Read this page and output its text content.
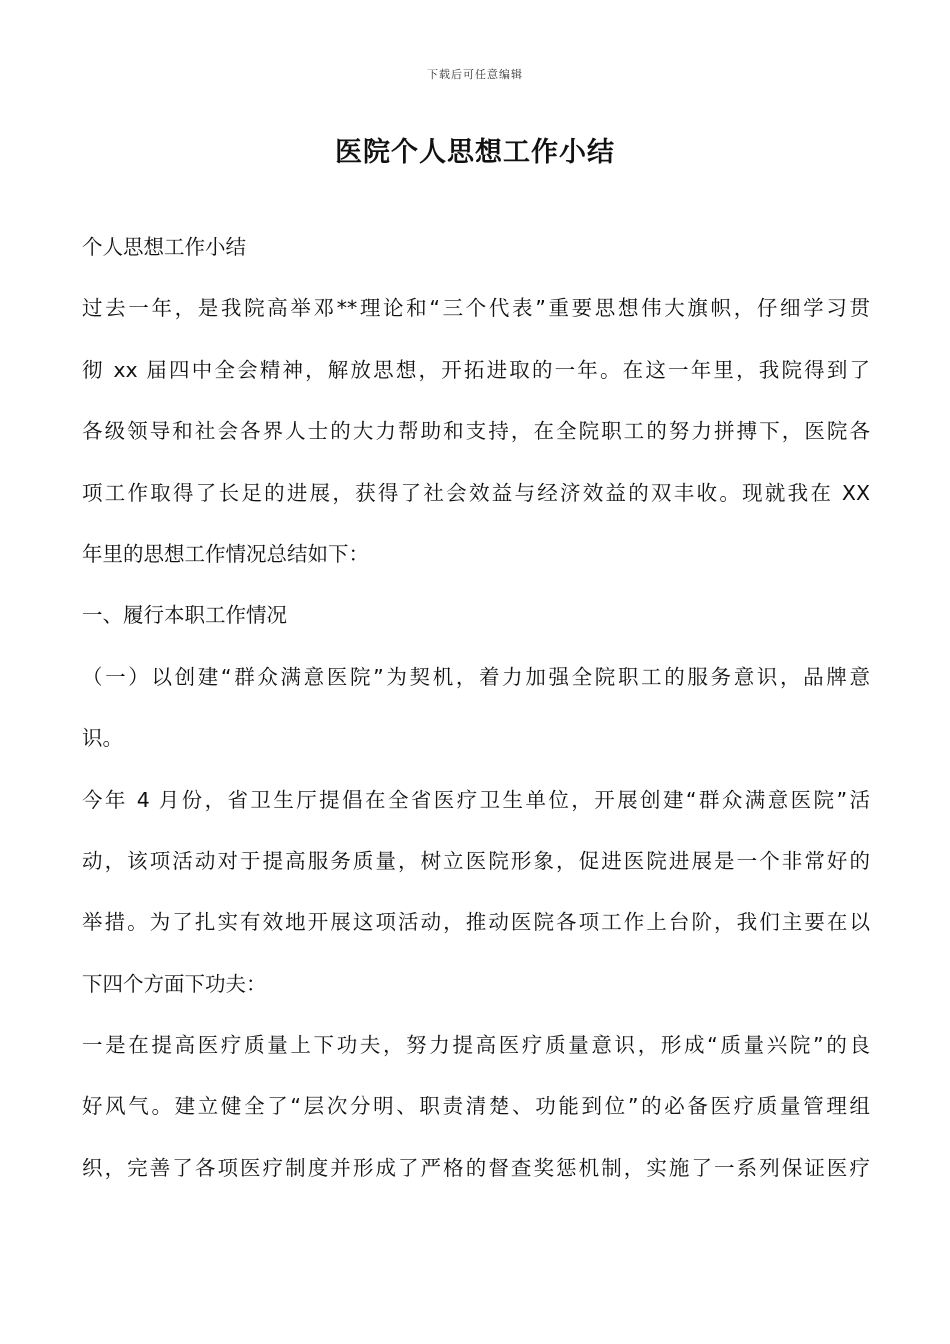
下载后可任意编辑
医院个人思想工作小结
个人思想工作小结
过去一年，是我院高举邓**理论和“三个代表”重要思想伟大旗帜，仔细学习贯
彻 xx 届四中全会精神，解放思想，开拓进取的一年。在这一年里，我院得到了
各级领导和社会各界人士的大力帮助和支持，在全院职工的努力拼搏下，医院各
项工作取得了长足的进展，获得了社会效益与经济效益的双丰收。现就我在 XX
年里的思想工作情况总结如下：
一、履行本职工作情况
（一）以创建“群众满意医院”为契机，着力加强全院职工的服务意识，品牌意
识。
今年 4 月份，省卫生厅提倡在全省医疗卫生单位，开展创建“群众满意医院”活
动，该项活动对于提高服务质量，树立医院形象，促进医院进展是一个非常好的
举措。为了扎实有效地开展这项活动，推动医院各项工作上台阶，我们主要在以
下四个方面下功夫：
一是在提高医疗质量上下功夫，努力提高医疗质量意识，形成“质量兴院”的良
好风气。建立健全了“层次分明、职责清楚、功能到位”的必备医疗质量管理组
织，完善了各项医疗制度并形成了严格的督查奖惩机制，实施了一系列保证医疗
